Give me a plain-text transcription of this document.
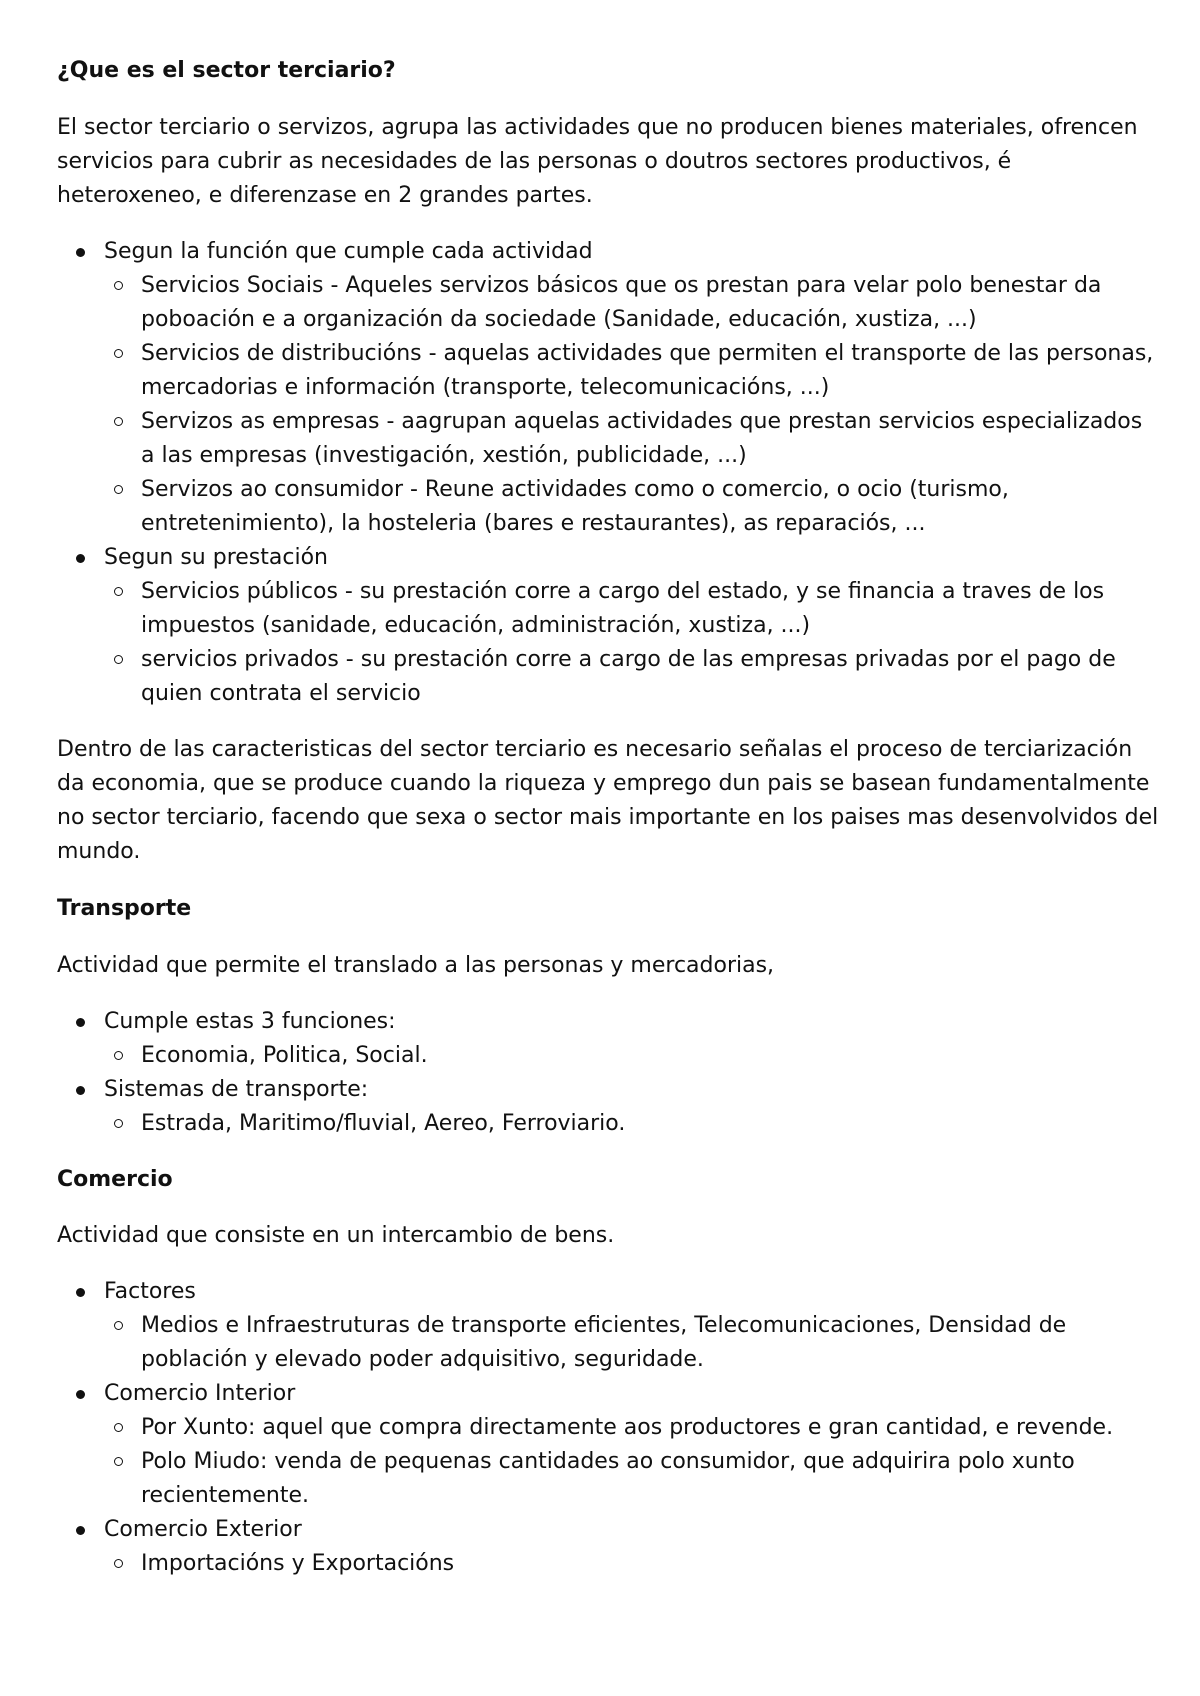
¿Que es el sector terciario?

El sector terciario o servizos, agrupa las actividades que no producen bienes materiales, ofrencen servicios para cubrir as necesidades de las personas o doutros sectores productivos, é heteroxeneo, e diferenzase en 2 grandes partes.

Segun la función que cumple cada actividad
Servicios Sociais - Aqueles servizos básicos que os prestan para velar polo benestar da poboación e a organización da sociedade (Sanidade, educación, xustiza, ...)
Servicios de distribucións - aquelas actividades que permiten el transporte de las personas, mercadorias e información (transporte, telecomunicacións, ...)
Servizos as empresas - aagrupan aquelas actividades que prestan servicios especializados a las empresas (investigación, xestión, publicidade, ...)
Servizos ao consumidor - Reune actividades como o comercio, o ocio (turismo, entretenimiento), la hosteleria (bares e restaurantes), as reparaciós, ...
Segun su prestación
Servicios públicos - su prestación corre a cargo del estado, y se financia a traves de los impuestos (sanidade, educación, administración, xustiza, ...)
servicios privados - su prestación corre a cargo de las empresas privadas por el pago de quien contrata el servicio

Dentro de las caracteristicas del sector terciario es necesario señalas el proceso de terciarización da economia, que se produce cuando la riqueza y emprego dun pais se basean fundamentalmente no sector terciario, facendo que sexa o sector mais importante en los paises mas desenvolvidos del mundo.

Transporte

Actividad que permite el translado a las personas y mercadorias,

Cumple estas 3 funciones:
Economia, Politica, Social.
Sistemas de transporte:
Estrada, Maritimo/fluvial, Aereo, Ferroviario.
Comercio

Actividad que consiste en un intercambio de bens.

Factores
Medios e Infraestruturas de transporte eficientes, Telecomunicaciones, Densidad de población y elevado poder adquisitivo, seguridade.
Comercio Interior
Por Xunto: aquel que compra directamente aos productores e gran cantidad, e revende.
Polo Miudo: venda de pequenas cantidades ao consumidor, que adquirira polo xunto recientemente.
Comercio Exterior
Importacións y Exportacións
